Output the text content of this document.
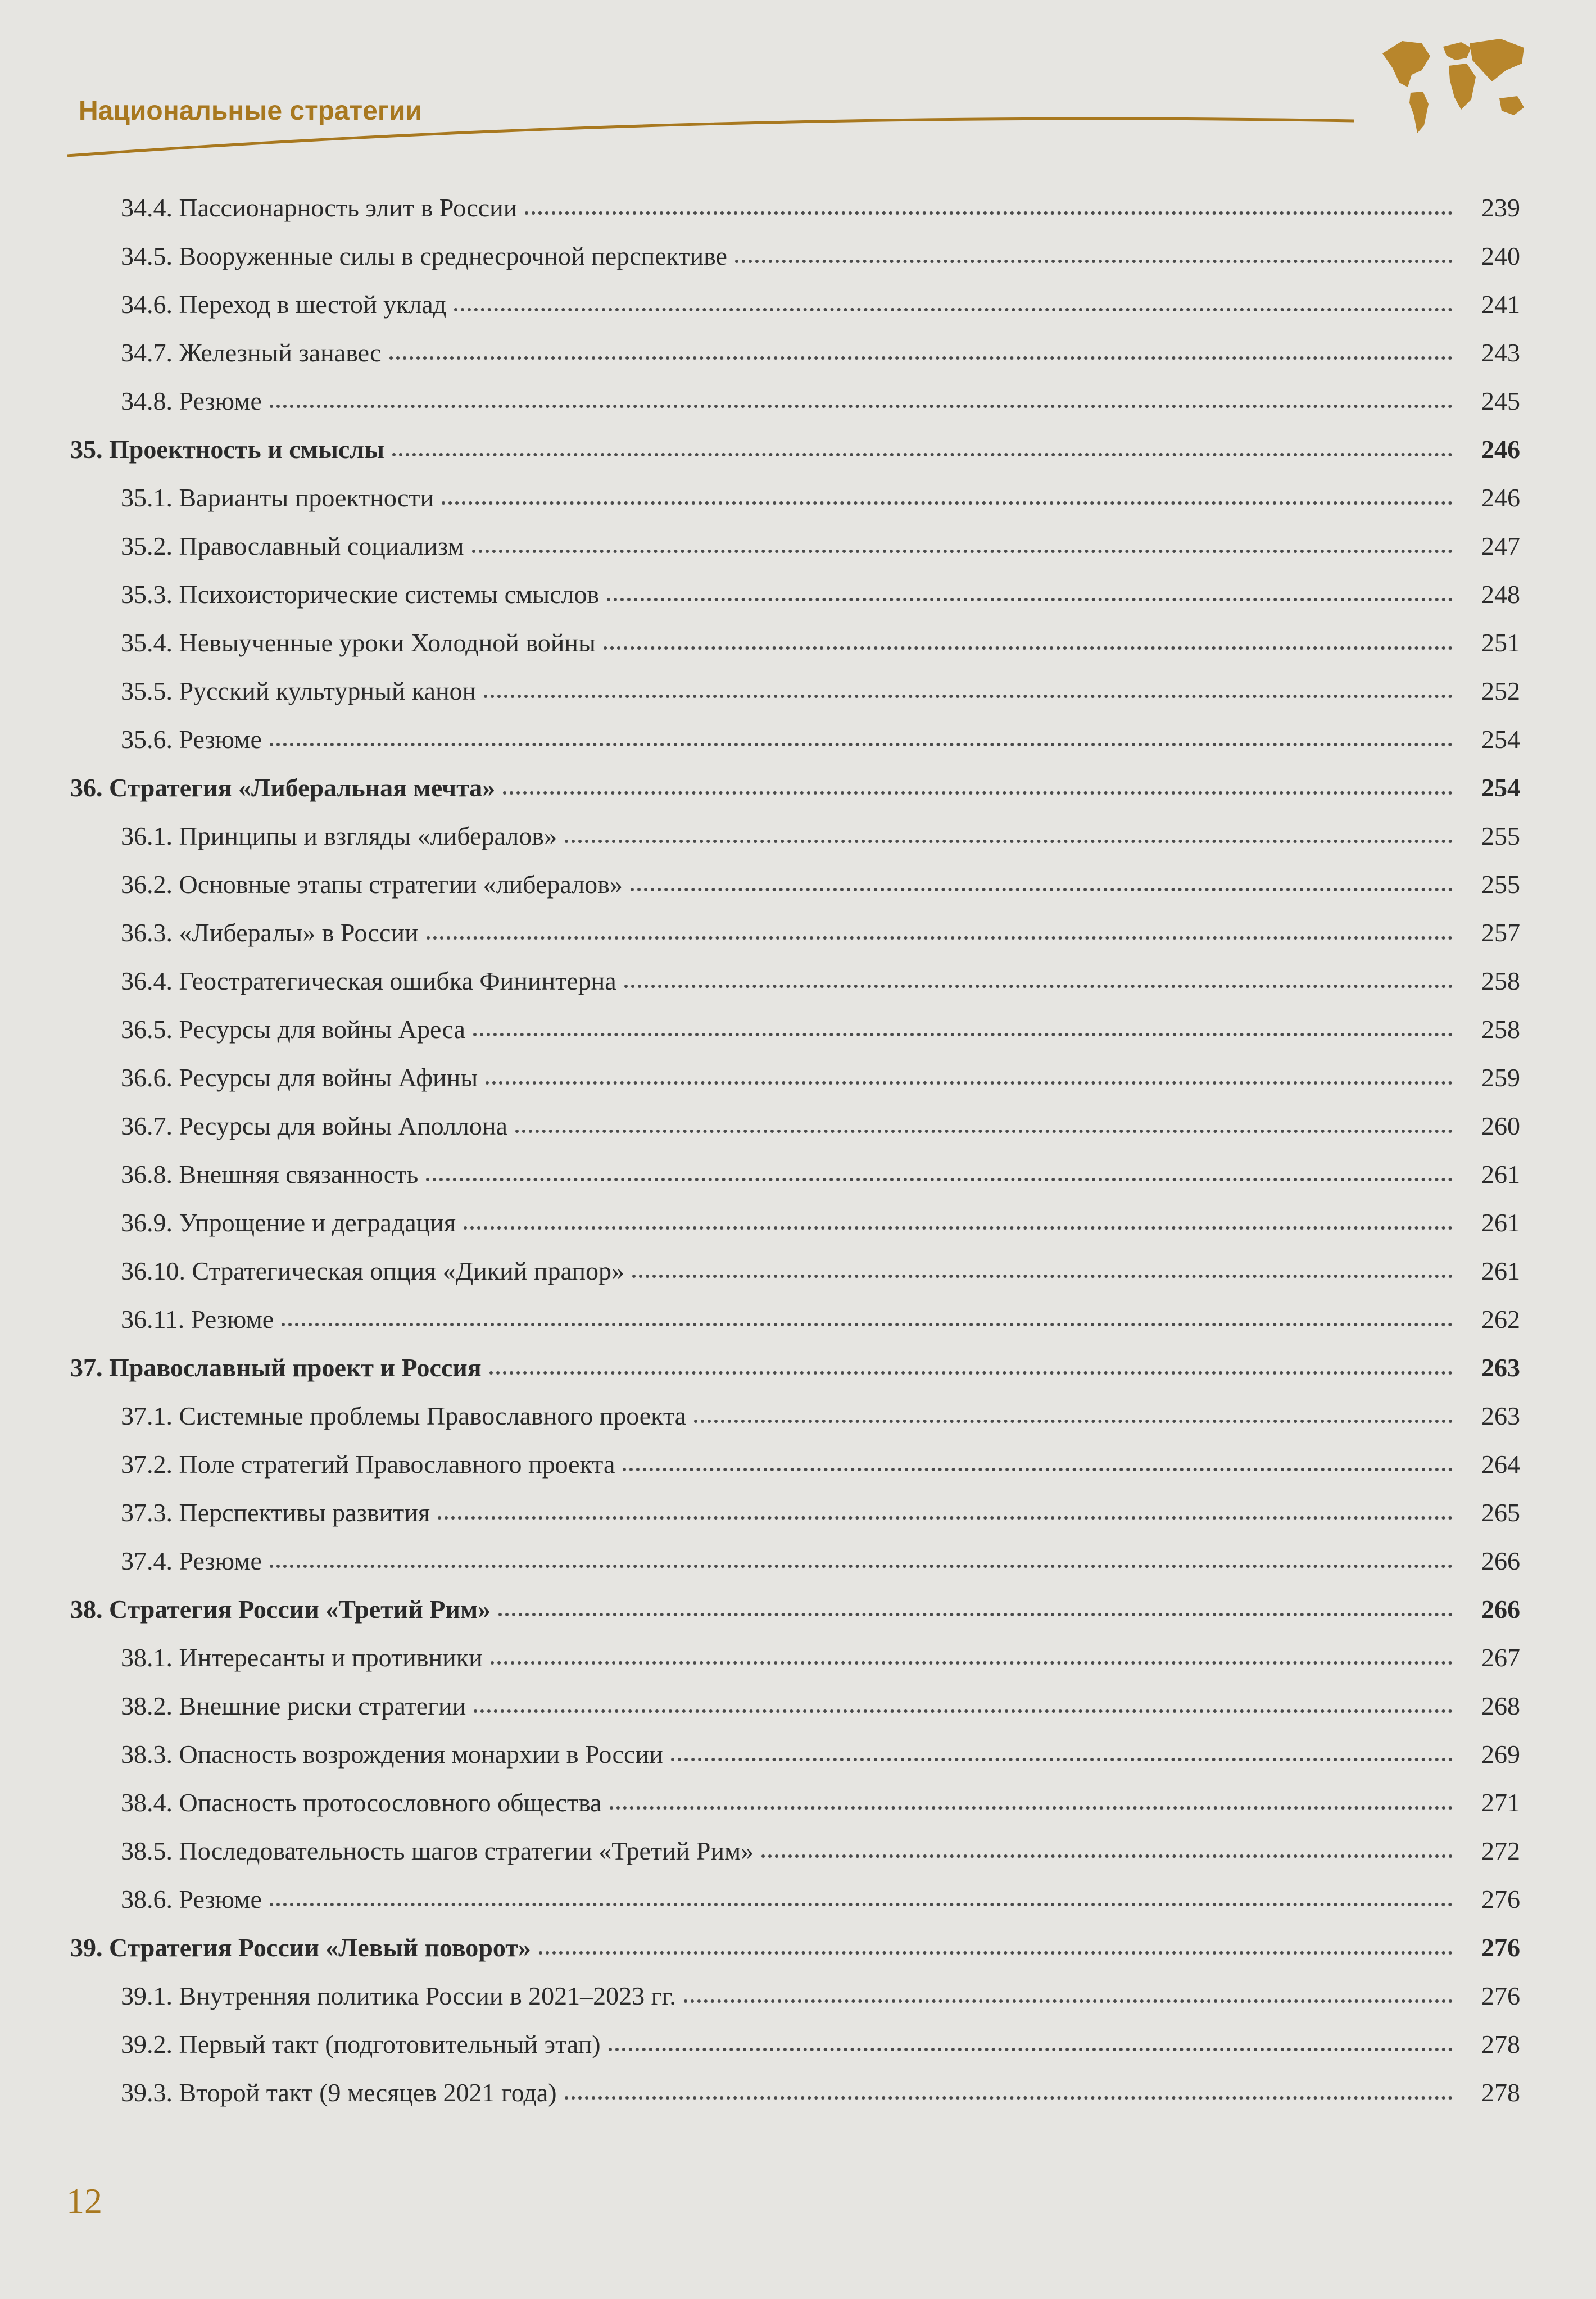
Национальные стратегии
34.4. Пассионарность элит в России	239
34.5. Вооруженные силы в среднесрочной перспективе	240
34.6. Переход в шестой уклад	241
34.7. Железный занавес	243
34.8. Резюме	245
35. Проектность и смыслы	246
35.1. Варианты проектности	246
35.2. Православный социализм	247
35.3. Психоисторические системы смыслов	248
35.4. Невыученные уроки Холодной войны	251
35.5. Русский культурный канон	252
35.6. Резюме	254
36. Стратегия «Либеральная мечта»	254
36.1. Принципы и взгляды «либералов»	255
36.2. Основные этапы стратегии «либералов»	255
36.3. «Либералы» в России	257
36.4. Геостратегическая ошибка Фининтерна	258
36.5. Ресурсы для войны Ареса	258
36.6. Ресурсы для войны Афины	259
36.7. Ресурсы для войны Аполлона	260
36.8. Внешняя связанность	261
36.9. Упрощение и деградация	261
36.10. Стратегическая опция «Дикий прапор»	261
36.11. Резюме	262
37. Православный проект и Россия	263
37.1. Системные проблемы Православного проекта	263
37.2. Поле стратегий Православного проекта	264
37.3. Перспективы развития	265
37.4. Резюме	266
38. Стратегия России «Третий Рим»	266
38.1. Интересанты и противники	267
38.2. Внешние риски стратегии	268
38.3. Опасность возрождения монархии в России	269
38.4. Опасность протосословного общества	271
38.5. Последовательность шагов стратегии «Третий Рим»	272
38.6. Резюме	276
39. Стратегия России «Левый поворот»	276
39.1. Внутренняя политика России в 2021–2023 гг.	276
39.2. Первый такт (подготовительный этап)	278
39.3. Второй такт (9 месяцев 2021 года)	278
12
